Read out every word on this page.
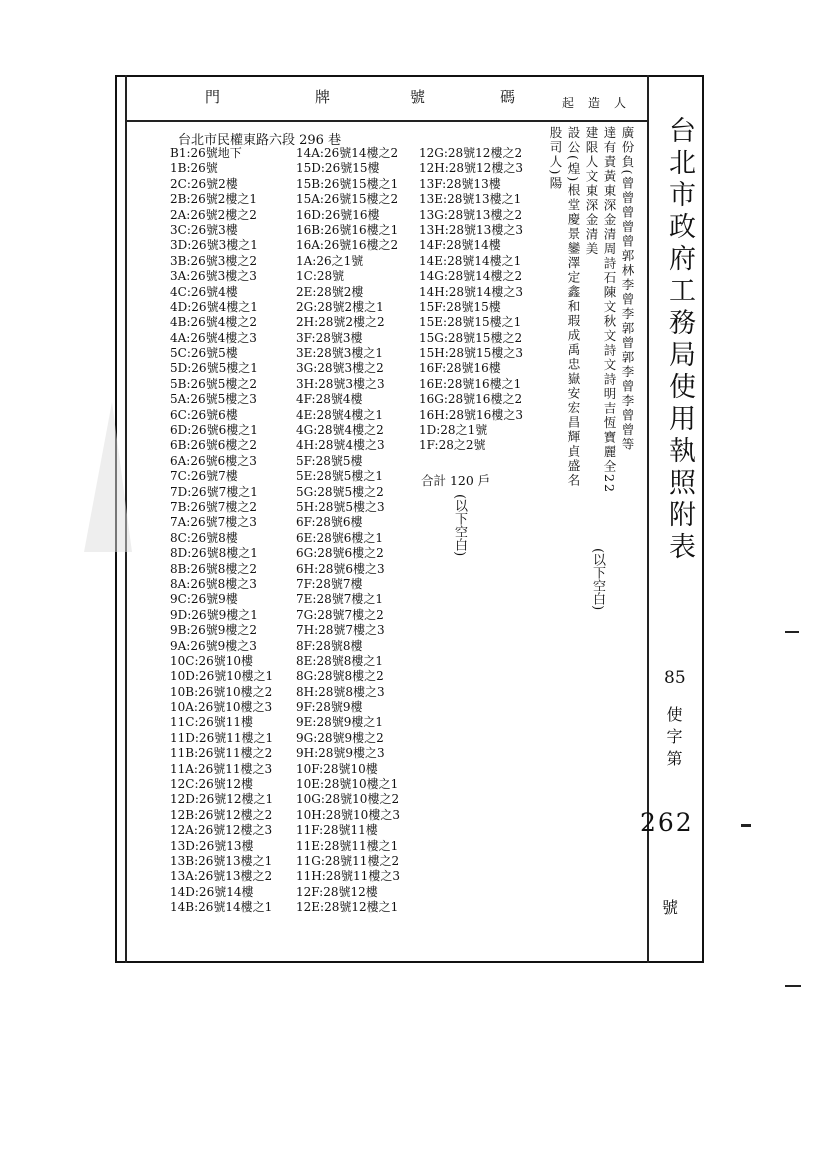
門	牌	號	碼	起造人
台北市民權東路六段 296 巷
B1:26號地下
1B:26號
2C:26號2樓
2B:26號2樓之1
2A:26號2樓之2
3C:26號3樓
3D:26號3樓之1
3B:26號3樓之2
3A:26號3樓之3
4C:26號4樓
4D:26號4樓之1
4B:26號4樓之2
4A:26號4樓之3
5C:26號5樓
5D:26號5樓之1
5B:26號5樓之2
5A:26號5樓之3
6C:26號6樓
6D:26號6樓之1
6B:26號6樓之2
6A:26號6樓之3
7C:26號7樓
7D:26號7樓之1
7B:26號7樓之2
7A:26號7樓之3
8C:26號8樓
8D:26號8樓之1
8B:26號8樓之2
8A:26號8樓之3
9C:26號9樓
9D:26號9樓之1
9B:26號9樓之2
9A:26號9樓之3
10C:26號10樓
10D:26號10樓之1
10B:26號10樓之2
10A:26號10樓之3
11C:26號11樓
11D:26號11樓之1
11B:26號11樓之2
11A:26號11樓之3
12C:26號12樓
12D:26號12樓之1
12B:26號12樓之2
12A:26號12樓之3
13D:26號13樓
13B:26號13樓之1
13A:26號13樓之2
14D:26號14樓
14B:26號14樓之1
14A:26號14樓之2
15D:26號15樓
15B:26號15樓之1
15A:26號15樓之2
16D:26號16樓
16B:26號16樓之1
16A:26號16樓之2
1A:26之1號
1C:28號
2E:28號2樓
2G:28號2樓之1
2H:28號2樓之2
3F:28號3樓
3E:28號3樓之1
3G:28號3樓之2
3H:28號3樓之3
4F:28號4樓
4E:28號4樓之1
4G:28號4樓之2
4H:28號4樓之3
5F:28號5樓
5E:28號5樓之1
5G:28號5樓之2
5H:28號5樓之3
6F:28號6樓
6E:28號6樓之1
6G:28號6樓之2
6H:28號6樓之3
7F:28號7樓
7E:28號7樓之1
7G:28號7樓之2
7H:28號7樓之3
8F:28號8樓
8E:28號8樓之1
8G:28號8樓之2
8H:28號8樓之3
9F:28號9樓
9E:28號9樓之1
9G:28號9樓之2
9H:28號9樓之3
10F:28號10樓
10E:28號10樓之1
10G:28號10樓之2
10H:28號10樓之3
11F:28號11樓
11E:28號11樓之1
11G:28號11樓之2
11H:28號11樓之3
12F:28號12樓
12E:28號12樓之1
12G:28號12樓之2
12H:28號12樓之3
13F:28號13樓
13E:28號13樓之1
13G:28號13樓之2
13H:28號13樓之3
14F:28號14樓
14E:28號14樓之1
14G:28號14樓之2
14H:28號14樓之3
15F:28號15樓
15E:28號15樓之1
15G:28號15樓之2
15H:28號15樓之3
16F:28號16樓
16E:28號16樓之1
16G:28號16樓之2
16H:28號16樓之3
1D:28之1號
1F:28之2號
合計 120 戶
(以下空白)
廣份負(曾曾曾曾曾郭林李曾李郭曾郭李曾李曾曾等
達有責黃東深金清周詩石陳文秋文詩文詩明吉恆寶麗全22
建限人文東深金清美
設公(煌)根堂慶景鑾澤定鑫和瑕成禹忠嶽安宏昌輝貞盛名
股司人)陽
(以下空白)
台北市政府工務局使用執照附表
85
使字第
262
號
